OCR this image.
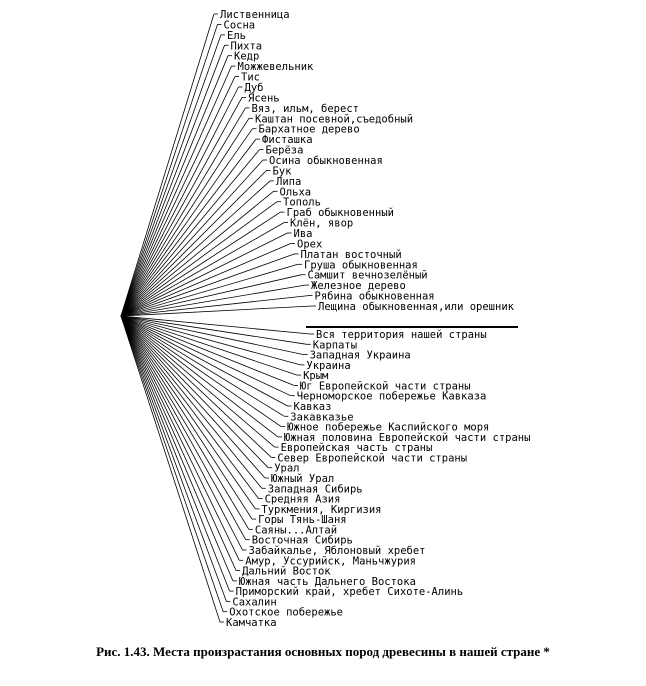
Лиственница
Сосна
Ель
Пихта
Кедр
Можжевельник
Тис
Дуб
Ясень
Вяз, ильм, берест
Каштан посевной,съедобный
Бархатное дерево
Фисташка
Берёза
Осина обыкновенная
Бук
Липа
Ольха
Тополь
Граб обыкновенный
Клён, явор
Ива
Орех
Платан восточный
Груша обыкновенная
Самшит вечнозелёный
Железное дерево
Рябина обыкновенная
Лещина обыкновенная,или орешник
Вся территория нашей страны
Карпаты
Западная Украина
Украина
Крым
Юг Европейской части страны
Черноморское побережье Кавказа
Кавказ
Закавказье
Южное побережье Каспийского моря
Южная половина Европейской части страны
Европейская часть страны
Север Европейской части страны
Урал
Южный Урал
Западная Сибирь
Средняя Азия
Туркмения, Киргизия
Горы Тянь-Шаня
Саяны...Алтай
Восточная Сибирь
Забайкалье, Яблоновый хребет
Амур, Уссурийск, Маньчжурия
Дальний Восток
Южная часть Дальнего Востока
Приморский край, хребет Сихоте-Алинь
Сахалин
Охотское побережье
Камчатка
Рис. 1.43. Места произрастания основных пород древесины в нашей стране *
